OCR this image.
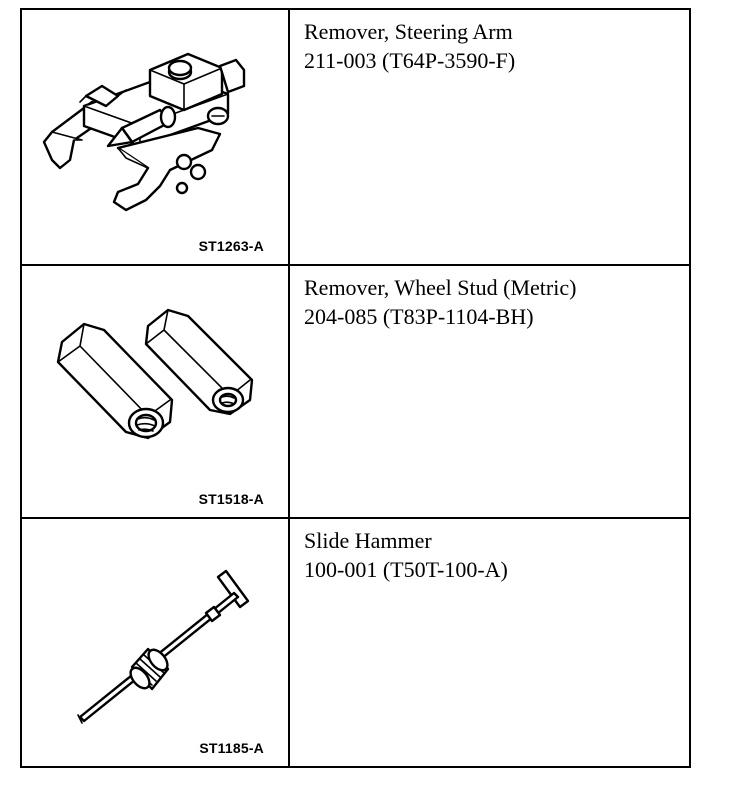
ST1263-A
Remover, Steering Arm
211-003 (T64P-3590-F)
ST1518-A
Remover, Wheel Stud (Metric)
204-085 (T83P-1104-BH)
ST1185-A
Slide Hammer
100-001 (T50T-100-A)
